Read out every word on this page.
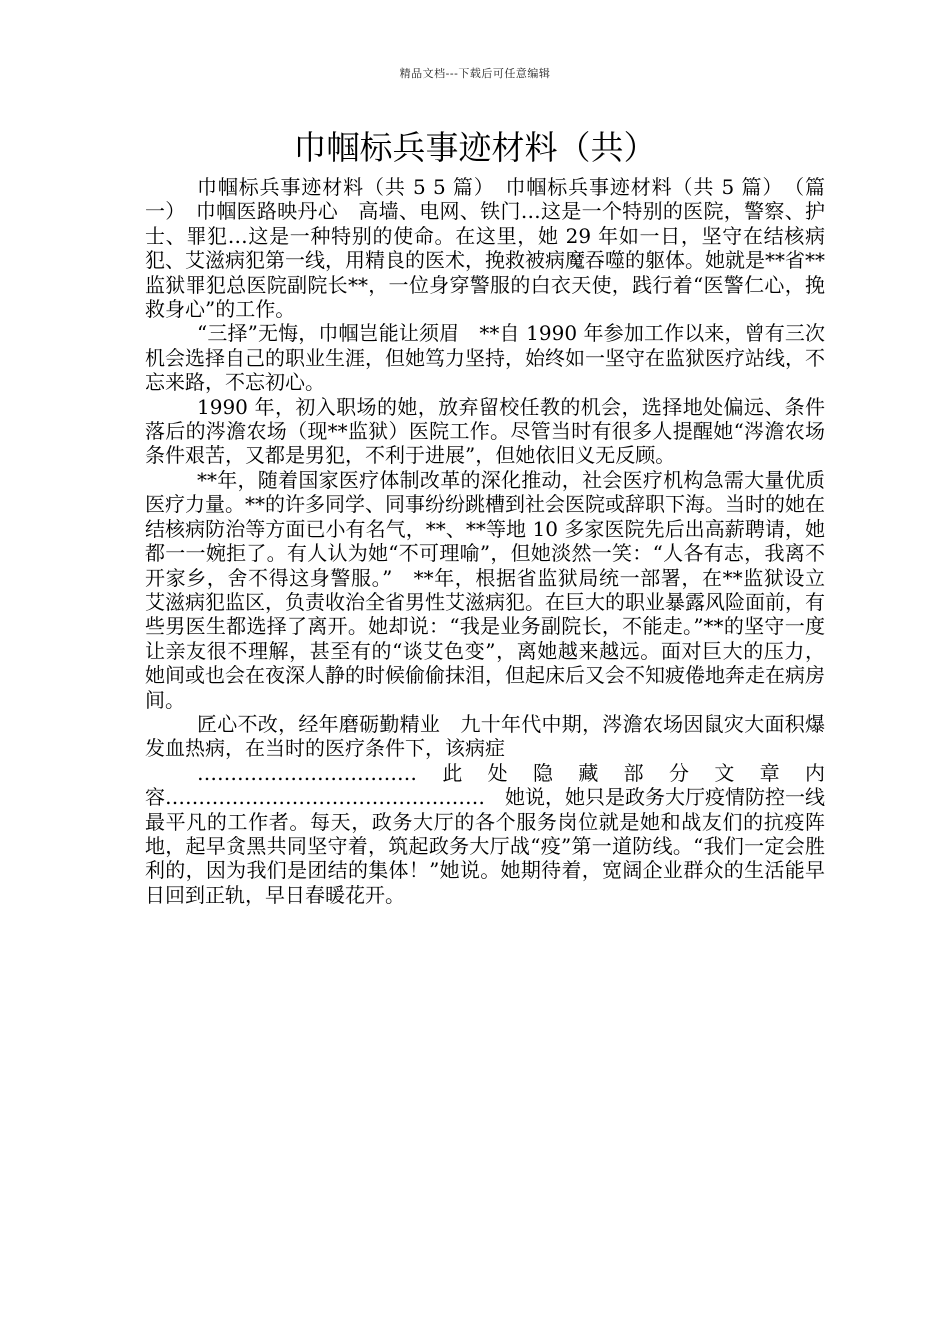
精品文档---下载后可任意编辑
巾帼标兵事迹材料（共）

巾帼标兵事迹材料（共 5 5 篇）　巾帼标兵事迹材料（共 5 篇）　（篇一）　巾帼医路映丹心　高墙、电网、铁门…这是一个特别的医院，警察、护士、罪犯…这是一种特别的使命。在这里，她 29 年如一日，坚守在结核病犯、艾滋病犯第一线，用精良的医术，挽救被病魔吞噬的躯体。她就是**省**监狱罪犯总医院副院长**，一位身穿警服的白衣天使，践行着“医警仁心，挽救身心”的工作。

“三择”无悔，巾帼岂能让须眉　**自 1990 年参加工作以来，曾有三次机会选择自己的职业生涯，但她笃力坚持，始终如一坚守在监狱医疗站线，不忘来路，不忘初心。

1990 年，初入职场的她，放弃留校任教的机会，选择地处偏远、条件落后的涔澹农场（现**监狱）医院工作。尽管当时有很多人提醒她“涔澹农场条件艰苦，又都是男犯，不利于进展”，但她依旧义无反顾。

**年，随着国家医疗体制改革的深化推动，社会医疗机构急需大量优质医疗力量。**的许多同学、同事纷纷跳槽到社会医院或辞职下海。当时的她在结核病防治等方面已小有名气，**、**等地 10 多家医院先后出高薪聘请，她都一一婉拒了。有人认为她“不可理喻”，但她淡然一笑：“人各有志，我离不开家乡，舍不得这身警服。”　**年，根据省监狱局统一部署，在**监狱设立艾滋病犯监区，负责收治全省男性艾滋病犯。在巨大的职业暴露风险面前，有些男医生都选择了离开。她却说：“我是业务副院长，不能走。”**的坚守一度让亲友很不理解，甚至有的“谈艾色变”，离她越来越远。面对巨大的压力，她间或也会在夜深人静的时候偷偷抹泪，但起床后又会不知疲倦地奔走在病房间。

匠心不改，经年磨砺勤精业　九十年代中期，涔澹农场因鼠灾大面积爆发血热病，在当时的医疗条件下，该病症

……………………………此处隐藏部分文章内容…………………………………………　她说，她只是政务大厅疫情防控一线最平凡的工作者。每天，政务大厅的各个服务岗位就是她和战友们的抗疫阵地，起早贪黑共同坚守着，筑起政务大厅战“疫”第一道防线。“我们一定会胜利的，因为我们是团结的集体！”她说。她期待着，宽阔企业群众的生活能早日回到正轨，早日春暖花开。
